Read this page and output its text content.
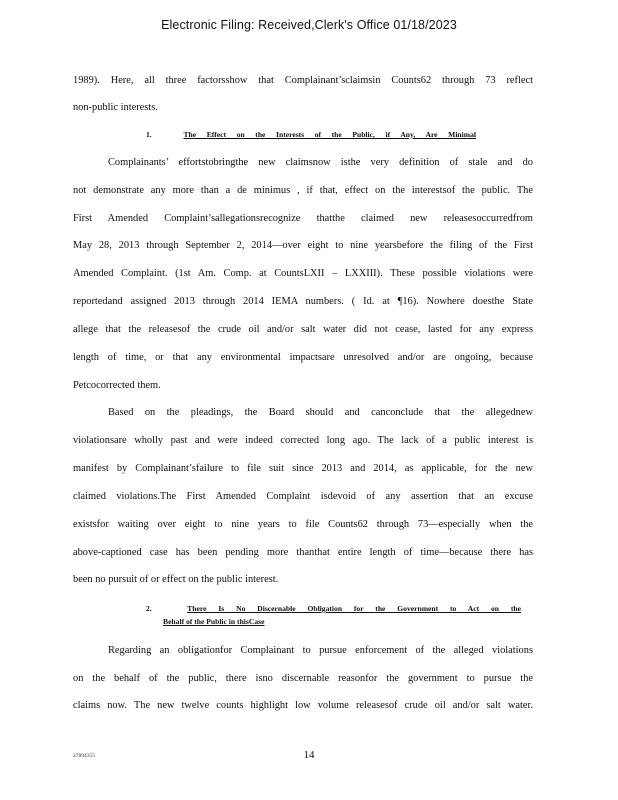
Electronic Filing: Received,Clerk's Office 01/18/2023
1989). Here, all three factorsshow that Complainant’sclaimsin Counts62 through 73 reflect
non-public interests.
1.	The Effect on the Interests of the Public, if Any, Are Minimal
Complainants’ effortstobringthe new claimsnow isthe very definition of stale and do
not demonstrate any more than a de minimus , if that, effect on the interestsof the public. The
First Amended Complaint’sallegationsrecognize thatthe claimed new releasesoccurredfrom
May 28, 2013 through September 2, 2014—over eight to nine yearsbefore the filing of the First
Amended Complaint. (1st Am. Comp. at CountsLXII – LXXIII). These possible violations were
reportedand assigned 2013 through 2014 IEMA numbers. ( Id. at ¶16). Nowhere doesthe State
allege that the releasesof the crude oil and/or salt water did not cease, lasted for any express
length of time, or that any environmental impactsare unresolved and/or are ongoing, because
Petcocorrected them.
Based on the pleadings, the Board should and canconclude that the allegednew
violationsare wholly past and were indeed corrected long ago. The lack of a public interest is
manifest by Complainant’sfailure to file suit since 2013 and 2014, as applicable, for the new
claimed violations.The First Amended Complaint isdevoid of any assertion that an excuse
existsfor waiting over eight to nine years to file Counts62 through 73—especially when the
above-captioned case has been pending more thanthat entire length of time—because there has
been no pursuit of or effect on the public interest.
2.	There Is No Discernable Obligation for the Government to Act on the
Behalf of the Public in thisCase
Regarding an obligationfor Complainant to pursue enforcement of the alleged violations
on the behalf of the public, there isno discernable reasonfor the government to pursue the
claims now. The new twelve counts highlight low volume releasesof crude oil and/or salt water.
27894355	14
